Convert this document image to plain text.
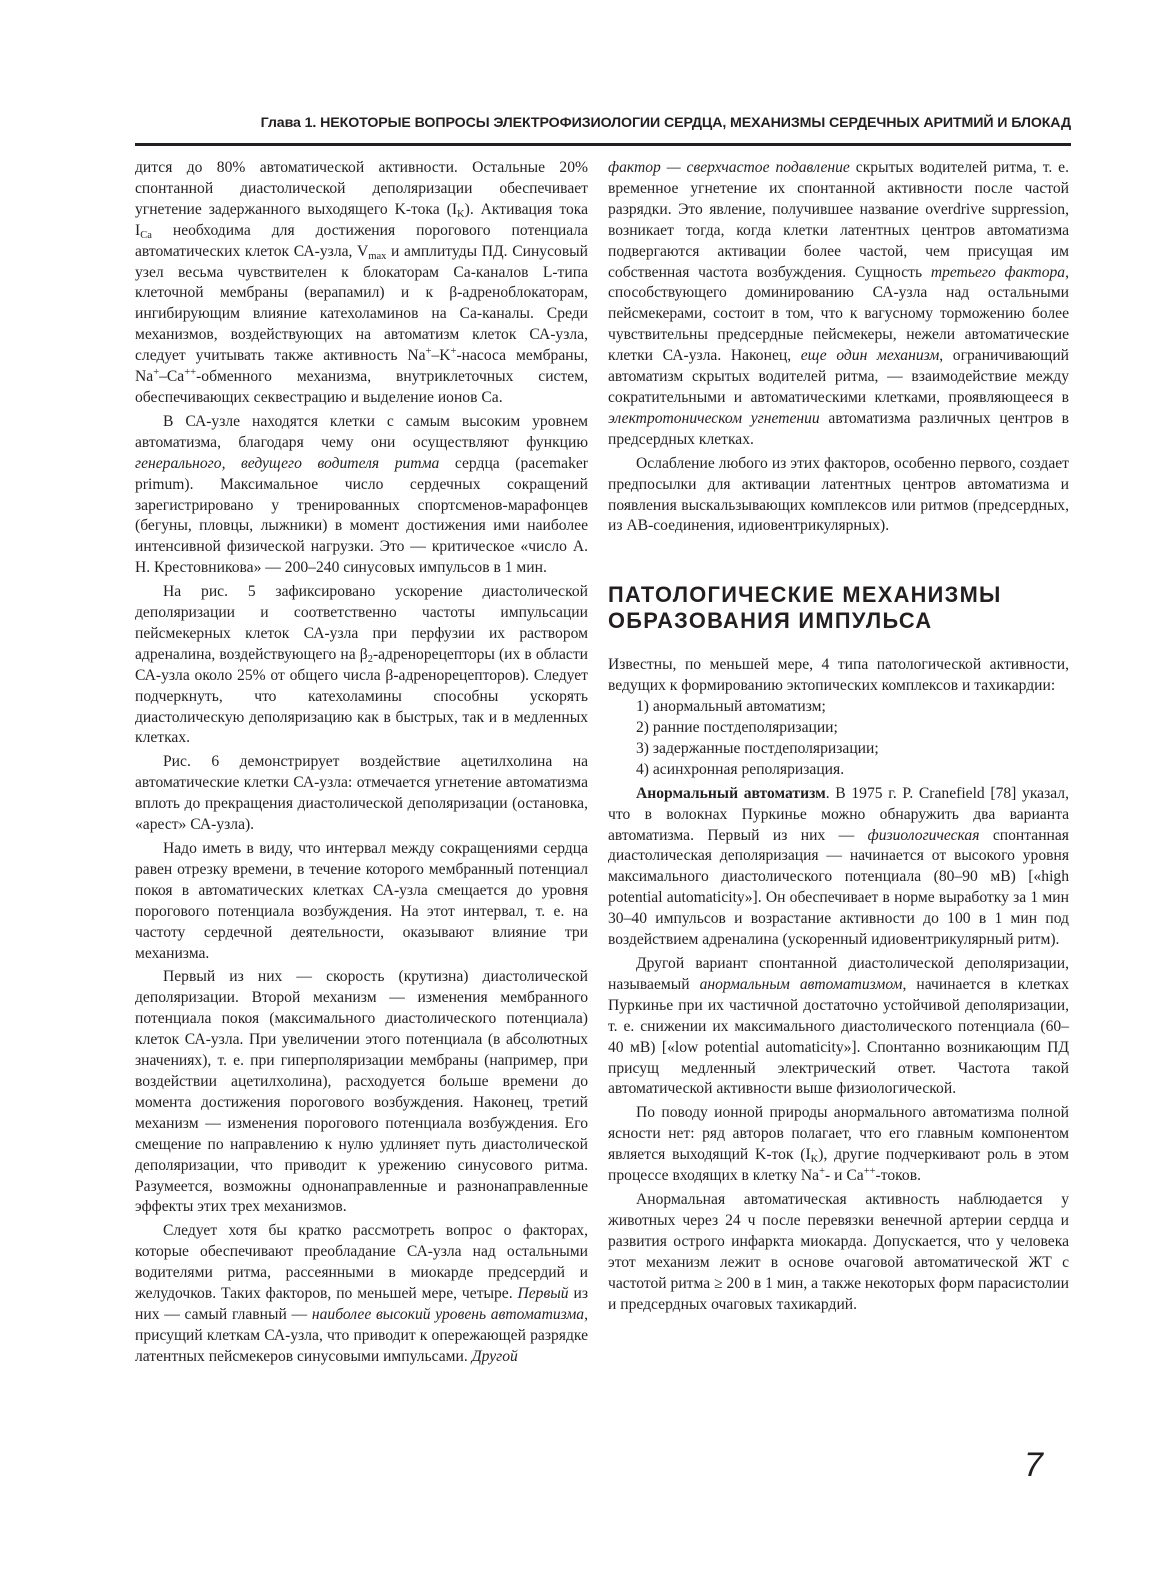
Глава 1. НЕКОТОРЫЕ ВОПРОСЫ ЭЛЕКТРОФИЗИОЛОГИИ СЕРДЦА, МЕХАНИЗМЫ СЕРДЕЧНЫХ АРИТМИЙ И БЛОКАД

дится до 80% автоматической активности. Остальные 20% спонтанной диастолической деполяризации обеспечивает угнетение задержанного выходящего K-тока $(I_K)$. Активация тока $I_{Ca}$ необходима для достижения порогового потенциала автоматических клеток СА-узла, $V_{max}$ и амплитуды ПД. Синусовый узел весьма чувствителен к блокаторам Ca-каналов L-типа клеточной мембраны (верапамил) и к β-адреноблокаторам, ингибирующим влияние катехоламинов на Ca-каналы. Среди механизмов, воздействующих на автоматизм клеток СА-узла, следует учитывать также активность Na+–K+-насоса мембраны, Na+–Ca++-обменного механизма, внутриклеточных систем, обеспечивающих секвестрацию и выделение ионов Ca.

В СА-узле находятся клетки с самым высоким уровнем автоматизма, благодаря чему они осуществляют функцию генерального, ведущего водителя ритма сердца (pacemaker primum). Максимальное число сердечных сокращений зарегистрировано у тренированных спортсменов-марафонцев (бегуны, пловцы, лыжники) в момент достижения ими наиболее интенсивной физической нагрузки. Это — критическое «число А. Н. Крестовникова» — 200–240 синусовых импульсов в 1 мин.

На рис. 5 зафиксировано ускорение диастолической деполяризации и соответственно частоты импульсации пейсмекерных клеток СА-узла при перфузии их раствором адреналина, воздействующего на $\beta_2$-адренорецепторы (их в области СА-узла около 25% от общего числа β-адренорецепторов). Следует подчеркнуть, что катехоламины способны ускорять диастолическую деполяризацию как в быстрых, так и в медленных клетках.

Рис. 6 демонстрирует воздействие ацетилхолина на автоматические клетки СА-узла: отмечается угнетение автоматизма вплоть до прекращения диастолической деполяризации (остановка, «арест» СА-узла).

Надо иметь в виду, что интервал между сокращениями сердца равен отрезку времени, в течение которого мембранный потенциал покоя в автоматических клетках СА-узла смещается до уровня порогового потенциала возбуждения. На этот интервал, т. е. на частоту сердечной деятельности, оказывают влияние три механизма.

Первый из них — скорость (крутизна) диастолической деполяризации. Второй механизм — изменения мембранного потенциала покоя (максимального диастолического потенциала) клеток СА-узла. При увеличении этого потенциала (в абсолютных значениях), т. е. при гиперполяризации мембраны (например, при воздействии ацетилхолина), расходуется больше времени до момента достижения порогового возбуждения. Наконец, третий механизм — изменения порогового потенциала возбуждения. Его смещение по направлению к нулю удлиняет путь диастолической деполяризации, что приводит к урежению синусового ритма. Разумеется, возможны однонаправленные и разнонаправленные эффекты этих трех механизмов.

Следует хотя бы кратко рассмотреть вопрос о факторах, которые обеспечивают преобладание СА-узла над остальными водителями ритма, рассеянными в миокарде предсердий и желудочков. Таких факторов, по меньшей мере, четыре. Первый из них — самый главный — наиболее высокий уровень автоматизма, присущий клеткам СА-узла, что приводит к опережающей разрядке латентных пейсмекеров синусовыми импульсами. Другой

фактор — сверхчастое подавление скрытых водителей ритма, т. е. временное угнетение их спонтанной активности после частой разрядки. Это явление, получившее название overdrive suppression, возникает тогда, когда клетки латентных центров автоматизма подвергаются активации более частой, чем присущая им собственная частота возбуждения. Сущность третьего фактора, способствующего доминированию СА-узла над остальными пейсмекерами, состоит в том, что к вагусному торможению более чувствительны предсердные пейсмекеры, нежели автоматические клетки СА-узла. Наконец, еще один механизм, ограничивающий автоматизм скрытых водителей ритма, — взаимодействие между сократительными и автоматическими клетками, проявляющееся в электротоническом угнетении автоматизма различных центров в предсердных клетках.

Ослабление любого из этих факторов, особенно первого, создает предпосылки для активации латентных центров автоматизма и появления выскальзывающих комплексов или ритмов (предсердных, из АВ-соединения, идиовентрикулярных).

ПАТОЛОГИЧЕСКИЕ МЕХАНИЗМЫ
ОБРАЗОВАНИЯ ИМПУЛЬСА

Известны, по меньшей мере, 4 типа патологической активности, ведущих к формированию эктопических комплексов и тахикардии:

1) анормальный автоматизм;

2) ранние постдеполяризации;

3) задержанные постдеполяризации;

4) асинхронная реполяризация.

Анормальный автоматизм. В 1975 г. P. Cranefield [78] указал, что в волокнах Пуркинье можно обнаружить два варианта автоматизма. Первый из них — физиологическая спонтанная диастолическая деполяризация — начинается от высокого уровня максимального диастолического потенциала (80–90 мВ) [«high potential automaticity»]. Он обеспечивает в норме выработку за 1 мин 30–40 импульсов и возрастание активности до 100 в 1 мин под воздействием адреналина (ускоренный идиовентрикулярный ритм).

Другой вариант спонтанной диастолической деполяризации, называемый анормальным автоматизмом, начинается в клетках Пуркинье при их частичной достаточно устойчивой деполяризации, т. е. снижении их максимального диастолического потенциала (60–40 мВ) [«low potential automaticity»]. Спонтанно возникающим ПД присущ медленный электрический ответ. Частота такой автоматической активности выше физиологической.

По поводу ионной природы анормального автоматизма полной ясности нет: ряд авторов полагает, что его главным компонентом является выходящий K-ток $(I_K)$, другие подчеркивают роль в этом процессе входящих в клетку Na+- и Ca++-токов.

Анормальная автоматическая активность наблюдается у животных через 24 ч после перевязки венечной артерии сердца и развития острого инфаркта миокарда. Допускается, что у человека этот механизм лежит в основе очаговой автоматической ЖТ с частотой ритма ≥ 200 в 1 мин, а также некоторых форм парасистолии и предсердных очаговых тахикардий.

7
